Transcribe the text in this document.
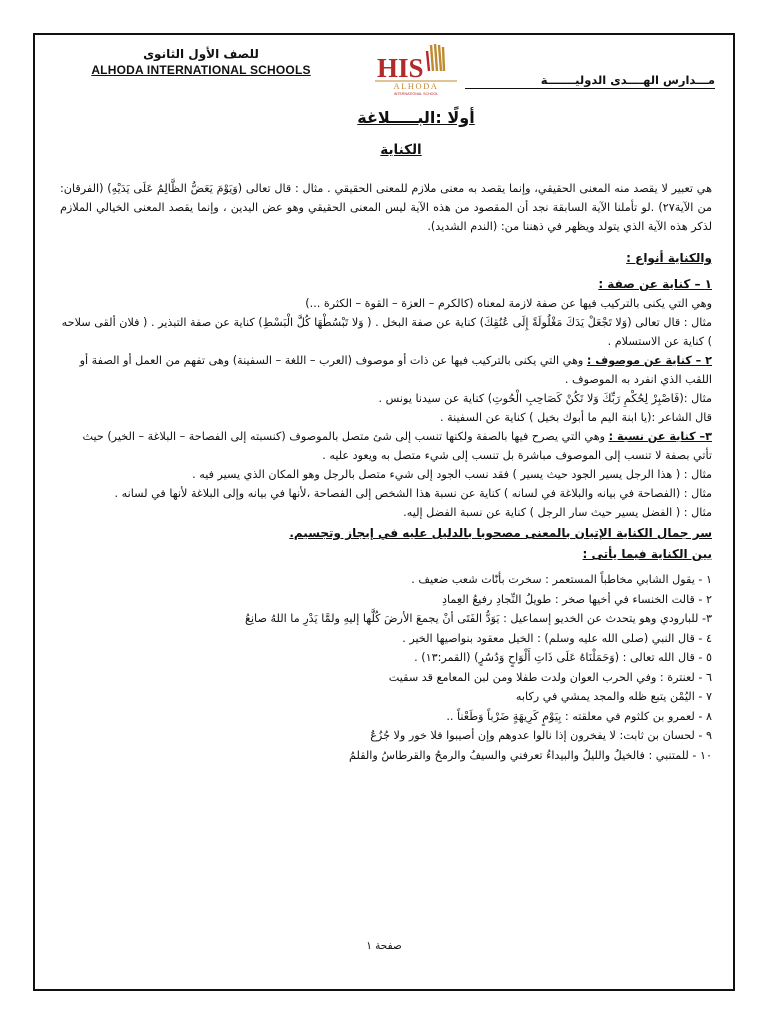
للصف الأول الثانوى
ALHODA INTERNATIONAL SCHOOLS HIS
ALHODA
INTERNATIONAL SCHOOL
مـــدارس الهــــدى الدوليـــــــة
أولًا :البـــــلاغة
الكناية
هي تعبير لا يقصد منه المعنى الحقيقي، وإنما يقصد به معنى ملازم للمعنى الحقيقي . مثال : قال تعالى (وَيَوْمَ يَعَضُّ الظَّالِمُ عَلَى يَدَيْهِ) (الفرقان: من الآية٢٧) .لو تأملنا الآية السابقة نجد أن المقصود من هذه الآية ليس المعنى الحقيقي وهو عض اليدين ، وإنما يقصد المعنى الخيالي الملازم لذكر هذه الآية الذي يتولد ويظهر في ذهننا من: (الندم الشديد).
والكناية أنواع :
١ – كناية عن صفة :
وهي التي يكنى بالتركيب فيها عن صفة لازمة لمعناه (كالكرم – العزة – القوة – الكثرة ...)
مثال : قال تعالى (وَلا تَجْعَلْ يَدَكَ مَغْلُولَةً إِلَى عُنُقِكَ) كناية عن صفة البخل . ( وَلا تَبْسُطْهَا كُلَّ الْبَسْطِ) كناية عن صفة التبذير . ( فلان ألقى سلاحه ) كناية عن الاستسلام .
٢ – كناية عن موصوف : وهي التي يكنى بالتركيب فيها عن ذات أو موصوف (العرب – اللغة – السفينة) وهى تفهم من العمل أو الصفة أو اللقب الذي انفرد به الموصوف .
مثال :(فَاصْبِرْ لِحُكْمِ رَبِّكَ وَلا تَكُنْ كَصَاحِبِ الْحُوتِ) كناية عن سيدنا يونس .
قال الشاعر :(يا ابنة اليم ما أبوك بخيل ) كناية عن السفينة .
٣– كناية عن نسبة : وهي التي يصرح فيها بالصفة ولكنها تنسب إلى شئ متصل بالموصوف (كنسبته إلى الفصاحة – البلاغة – الخير) حيث تأتي بصفة لا تنسب إلى الموصوف مباشرة بل تنسب إلى شيء متصل به ويعود عليه .
مثال : ( هذا الرجل يسير الجود حيث يسير ) فقد نسب الجود إلى شيء متصل بالرجل وهو المكان الذي يسير فيه .
مثال : (الفصاحة في بيانه والبلاغة في لسانه ) كناية عن نسبة هذا الشخص إلى الفصاحة ،لأنها في بيانه وإلى البلاغة لأنها في لسانه .
مثال : ( الفضل يسير حيث سار الرجل ) كناية عن نسبة الفضل إليه.
سر جمال الكناية الإتيان بالمعنى مصحوبا بالدليل عليه في إيجاز وتجسيم.
بين الكناية فيما يأتى :
١ - يقول الشابي مخاطباً المستعمر : سخرت بأنّات شعب ضعيف .
٢ - قالت الخنساء في أخيها صخر : طويلُ النِّجادِ رفيعُ العِمادِ
٣- للبارودي وهو يتحدث عن الخديو إسماعيل : يَوَدُّ الفَتَى أنْ يجمعَ الأرضَ كُلَّها إليهِ ولمَّا يَدْرِ ما اللهُ صانِعُ
٤ - قال النبي (صلى الله عليه وسلم) : الخيل معقود بنواصيها الخير .
٥ - قال الله تعالى : (وَحَمَلْنَاهُ عَلَى ذَاتِ أَلْوَاحٍ وَدُسُرٍ) (القمر:١٣) .
٦ - لعنترة : وفي الحرب العوان ولدت طفلا ومن لبن المعامع قد سقيت
٧ - اليُمْن يتبع ظله والمجد يمشي في ركابه
٨ - لعمرو بن كلثوم في معلقته : بِيَوْمٍ كَرِيهَةٍ ضَرْباً وَطَعْناً ..
٩ - لحسان بن ثابت: لا يفخرون إذا نالوا عدوهم وإن أصيبوا فلا خور ولا جُزُعُ
١٠ - للمتنبي : فالخيلُ والليلُ والبيداءُ تعرفني والسيفُ والرمحُ والقرطاسُ والقلمُ
صفحة ١
